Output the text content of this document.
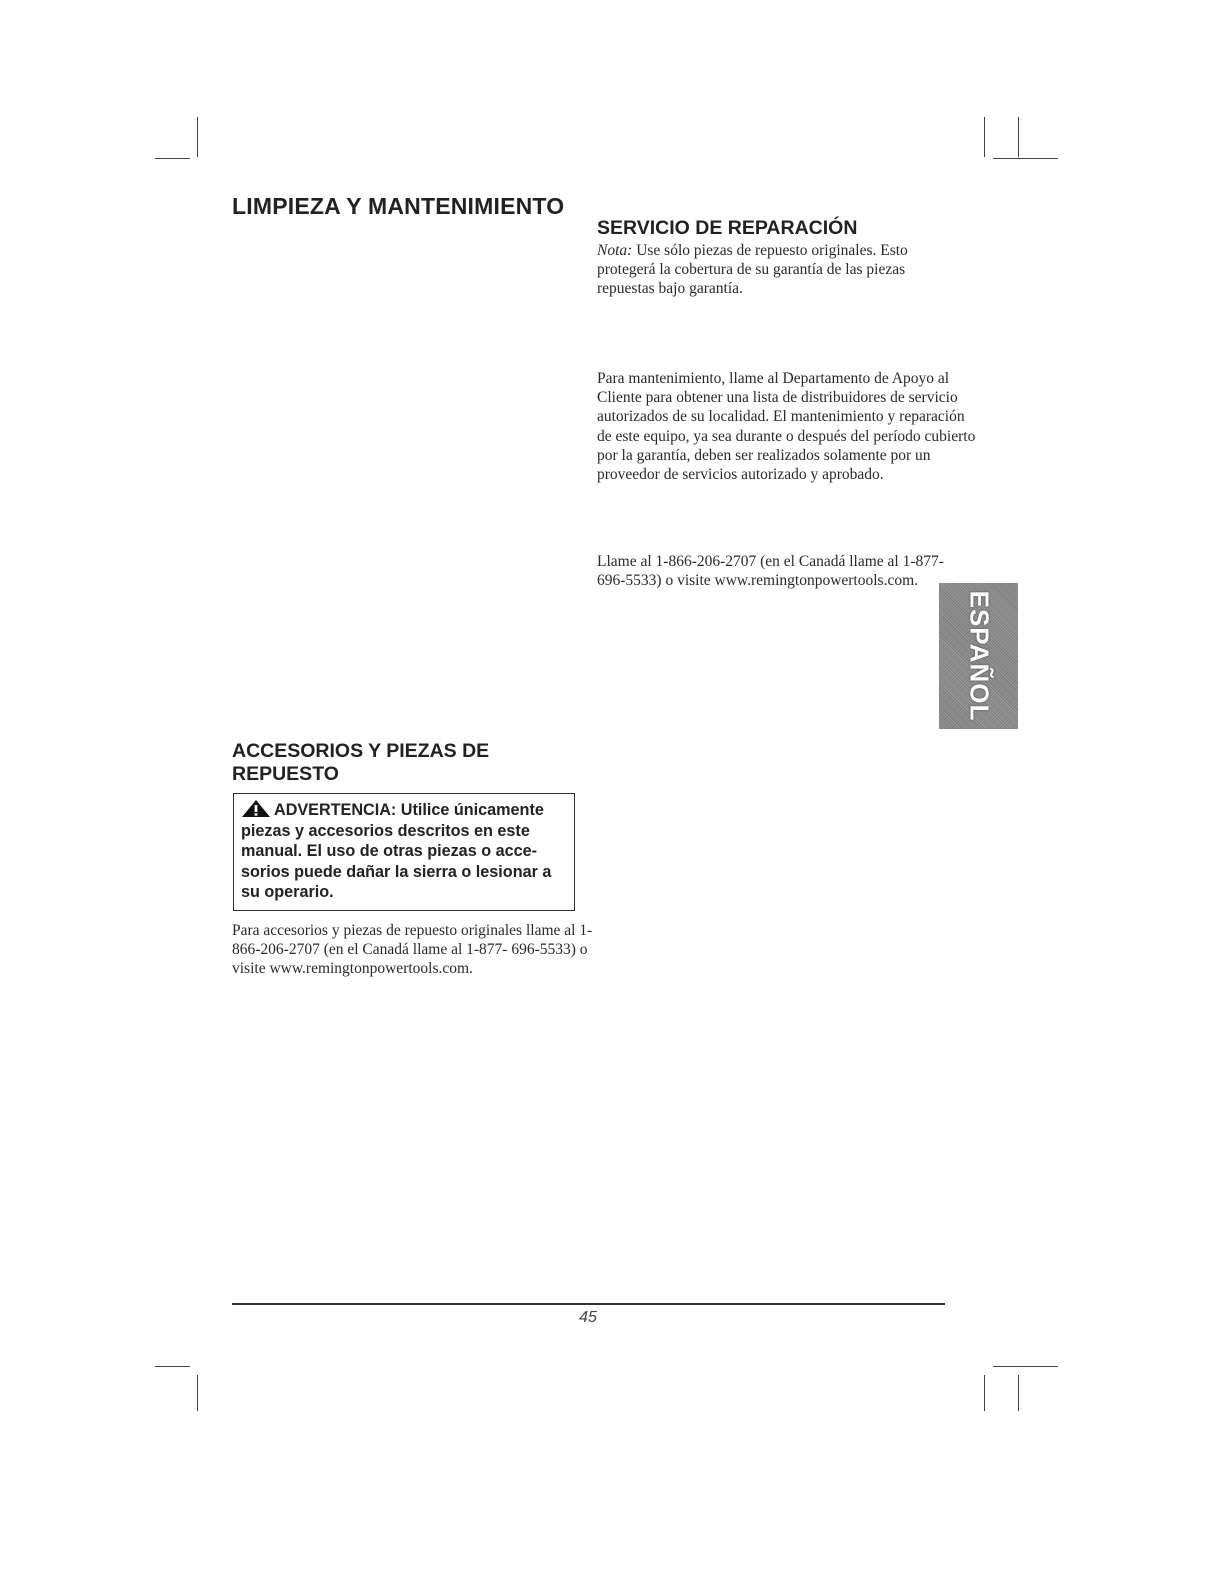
LIMPIEZA Y MANTENIMIENTO
SERVICIO DE REPARACIÓN

Nota: Use sólo piezas de repuesto originales. Esto protegerá la cobertura de su garantía de las piezas repuestas bajo garantía.

Para mantenimiento, llame al Departamento de Apoyo al Cliente para obtener una lista de distribuidores de servicio autorizados de su localidad. El mantenimiento y reparación de este equipo, ya sea durante o después del período cubierto por la garantía, deben ser realizados solamente por un proveedor de servicios autorizado y aprobado.

Llame al 1-866-206-2707 (en el Canadá llame al 1-877-696-5533) o visite www.remingtonpowertools.com.

ESPAÑOL
ACCESORIOS Y PIEZAS DE REPUESTO
ADVERTENCIA: Utilice únicamente piezas y accesorios descritos en este manual. El uso de otras piezas o acce- sorios puede dañar la sierra o lesionar a su operario.

Para accesorios y piezas de repuesto originales llame al 1-866-206-2707 (en el Canadá llame al 1-877- 696-5533) o visite www.remingtonpowertools.com.

45
